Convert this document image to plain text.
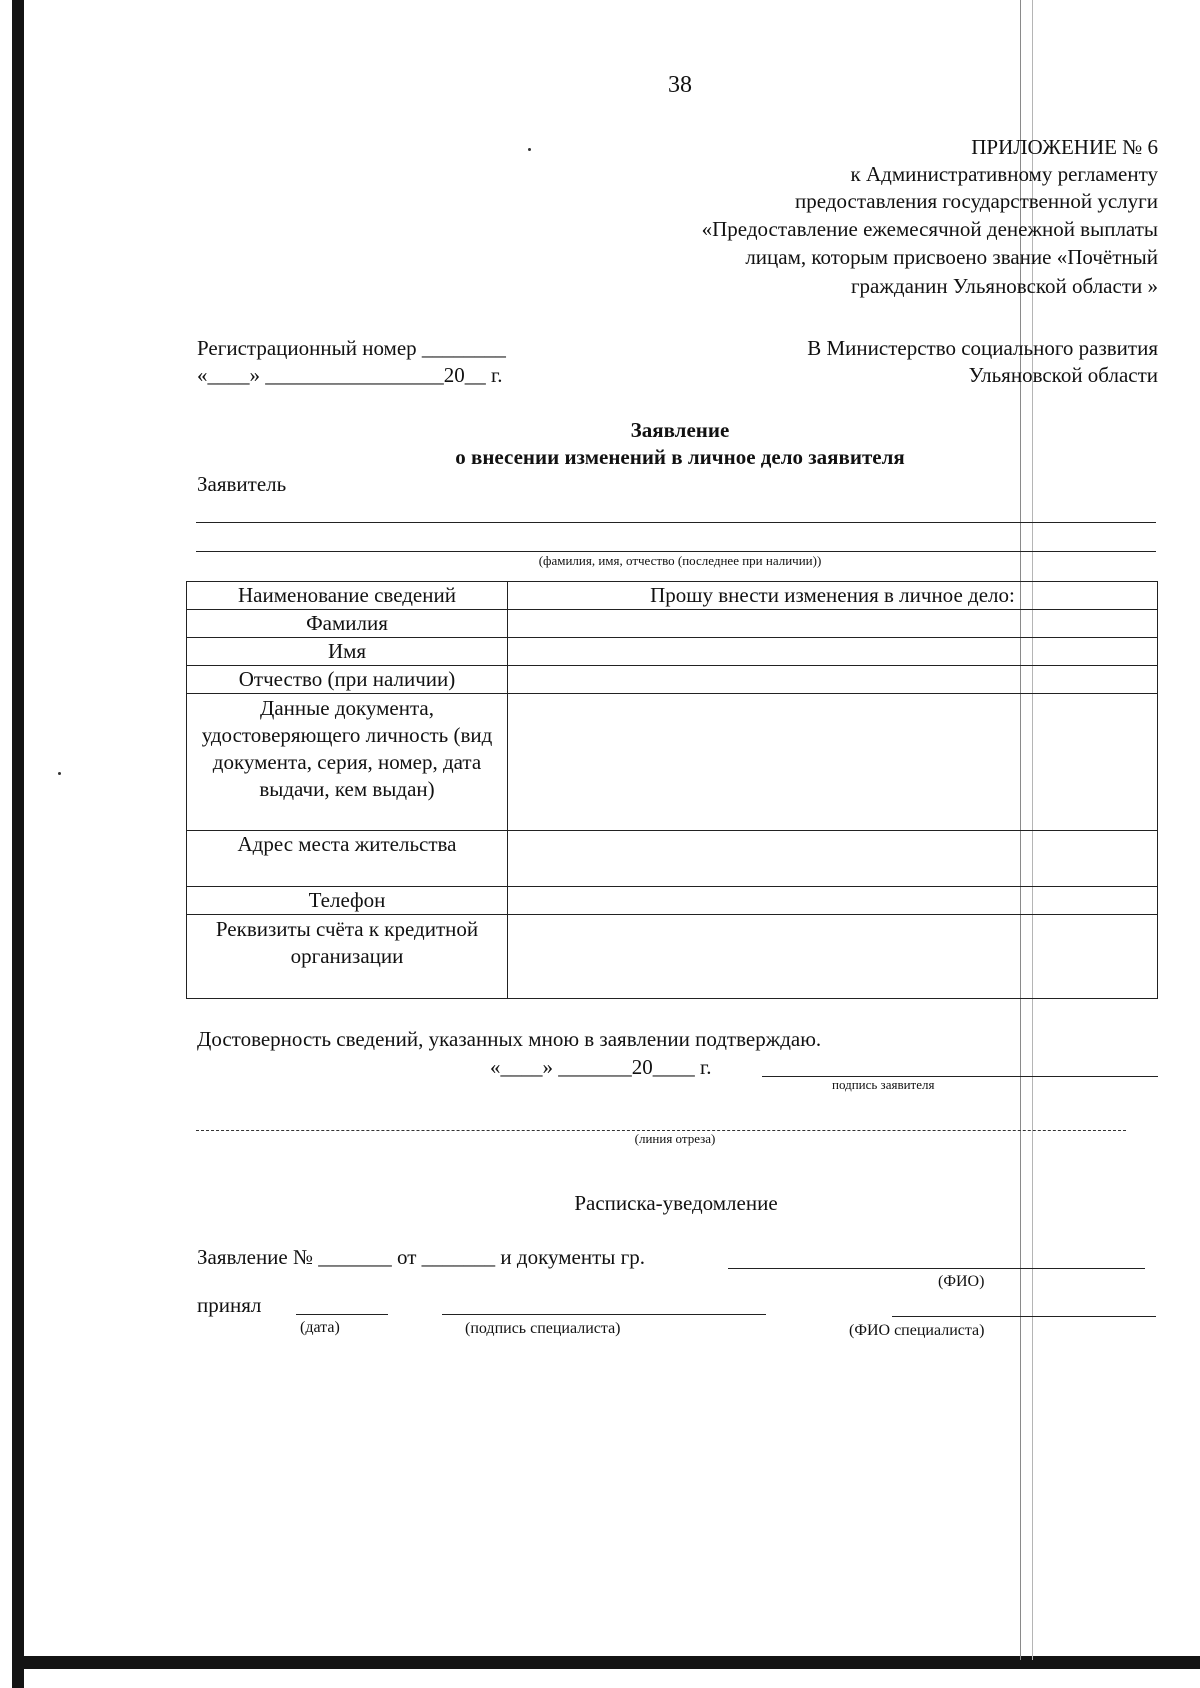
38
ПРИЛОЖЕНИЕ № 6
к Административному регламенту
предоставления государственной услуги
«Предоставление ежемесячной денежной выплаты
лицам, которым присвоено звание «Почётный
гражданин Ульяновской области »
Регистрационный номер ________
«____» _________________20__ г.
В Министерство социального развития
Ульяновской области
Заявление
о внесении изменений в личное дело заявителя
Заявитель
(фамилия, имя, отчество (последнее при наличии))
Наименование сведений	Прошу внести изменения в личное дело:
Фамилия	
Имя	
Отчество (при наличии)	
Данные документа, удостоверяющего личность (вид документа, серия, номер, дата выдачи, кем выдан)	
Адрес места жительства	
Телефон	
Реквизиты счёта к кредитной организации	
Достоверность сведений, указанных мною в заявлении подтверждаю.
«____» _______20____ г.
подпись заявителя
(линия отреза)
Расписка-уведомление
Заявление № _______ от _______ и документы гр.
(ФИО)
принял
(дата)	(подпись специалиста)	(ФИО специалиста)
